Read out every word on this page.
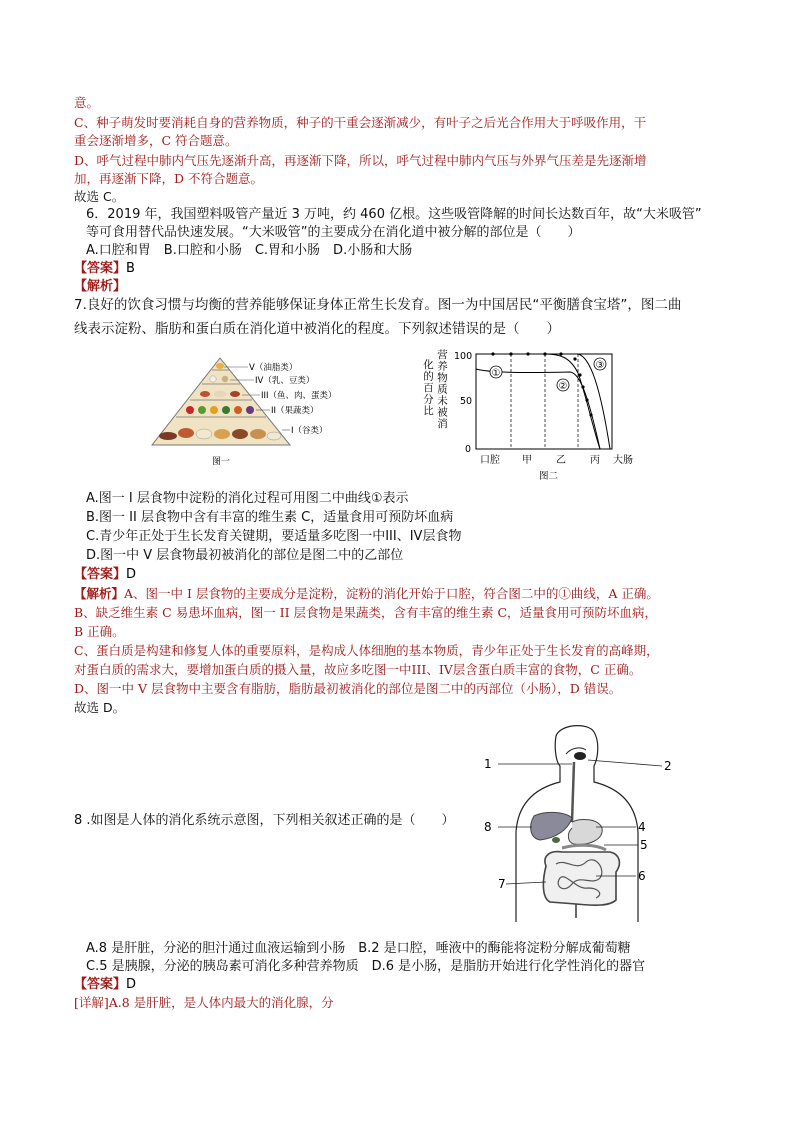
意。
C、种子萌发时要消耗自身的营养物质，种子的干重会逐渐减少，有叶子之后光合作用大于呼吸作用，干
重会逐渐增多，C 符合题意。
D、呼气过程中肺内气压先逐渐升高，再逐渐下降，所以，呼气过程中肺内气压与外界气压差是先逐渐增
加，再逐渐下降，D 不符合题意。
故选 C。
6．2019 年，我国塑料吸管产量近 3 万吨，约 460 亿根。这些吸管降解的时间长达数百年，故“大米吸管”
等可食用替代品快速发展。“大米吸管”的主要成分在消化道中被分解的部位是（　　）
A.口腔和胃　B.口腔和小肠　C.胃和小肠　D.小肠和大肠
【答案】B
【解析】
7.良好的饮食习惯与均衡的营养能够保证身体正常生长发育。图一为中国居民“平衡膳食宝塔”，图二曲
线表示淀粉、脂肪和蛋白质在消化道中被消化的程度。下列叙述错误的是（　　）
V（油脂类）
IV（乳、豆类）
III（鱼、肉、蛋类）
II（果蔬类）
I（谷类）
图一
化的百分比 营养物质未被消 100
50
0
①
②
③
口腔 甲 乙 丙 大肠
图二
A.图一 I 层食物中淀粉的消化过程可用图二中曲线①表示
B.图一 II 层食物中含有丰富的维生素 C，适量食用可预防坏血病
C.青少年正处于生长发育关键期，要适量多吃图一中III、IV层食物
D.图一中 V 层食物最初被消化的部位是图二中的乙部位
【答案】D
【解析】A、图一中 I 层食物的主要成分是淀粉，淀粉的消化开始于口腔，符合图二中的①曲线，A 正确。
B、缺乏维生素 C 易患坏血病，图一 II 层食物是果蔬类，含有丰富的维生素 C，适量食用可预防坏血病，
B 正确。
C、蛋白质是构建和修复人体的重要原料，是构成人体细胞的基本物质，青少年正处于生长发育的高峰期，
对蛋白质的需求大，要增加蛋白质的摄入量，故应多吃图一中III、IV层含蛋白质丰富的食物，C 正确。
D、图一中 V 层食物中主要含有脂肪，脂肪最初被消化的部位是图二中的丙部位（小肠），D 错误。
故选 D。
8 .如图是人体的消化系统示意图，下列相关叙述正确的是（　　）
1	2
4
5
6
7
8
A.8 是肝脏，分泌的胆汁通过血液运输到小肠　B.2 是口腔，唾液中的酶能将淀粉分解成葡萄糖
C.5 是胰腺，分泌的胰岛素可消化多种营养物质　D.6 是小肠，是脂肪开始进行化学性消化的器官
【答案】D
[详解]A.8 是肝脏，是人体内最大的消化腺，分
